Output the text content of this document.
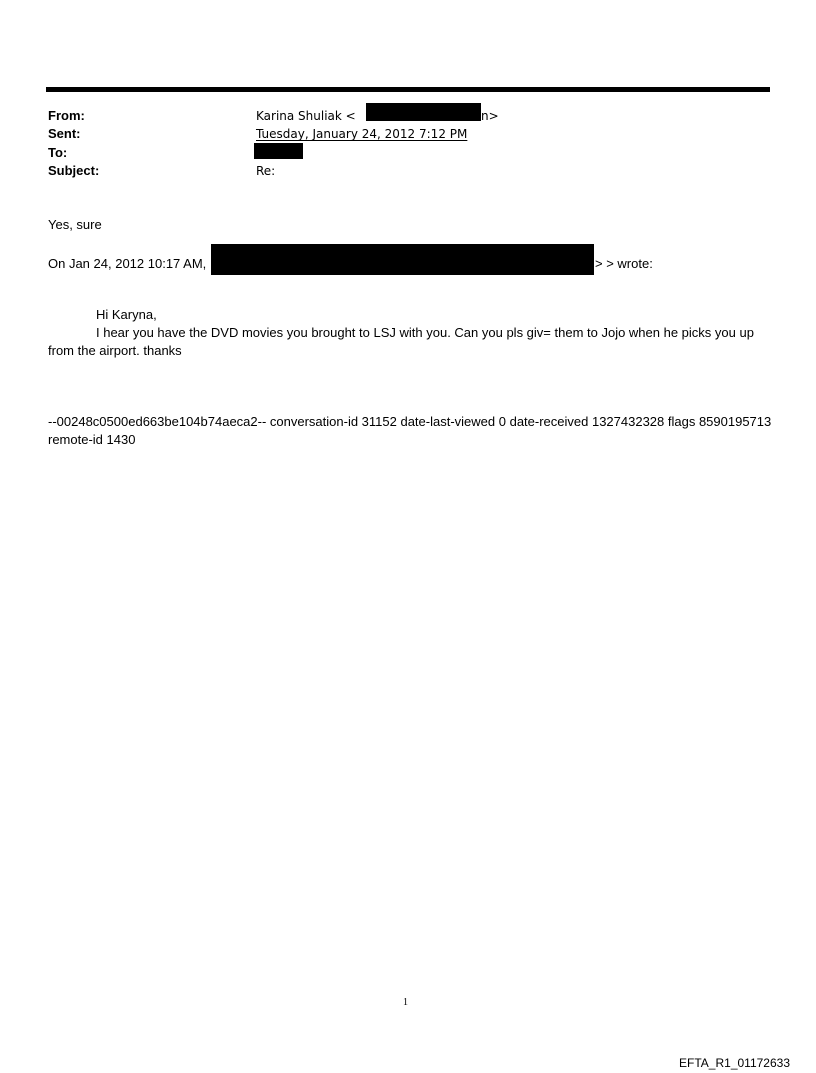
From:
Sent:
To:
Subject:
Karina Shuliak <	n>
Tuesday, January 24, 2012 7:12 PM
Re:
Yes, sure
On Jan 24, 2012 10:17 AM,	> > wrote:
Hi Karyna,
I hear you have the DVD movies you brought to LSJ with you. Can you pls giv= them to Jojo when he picks you up from the airport. thanks
--00248c0500ed663be104b74aeca2-- conversation-id 31152 date-last-viewed 0 date-received 1327432328 flags 8590195713 remote-id 1430
1
EFTA_R1_01172633
